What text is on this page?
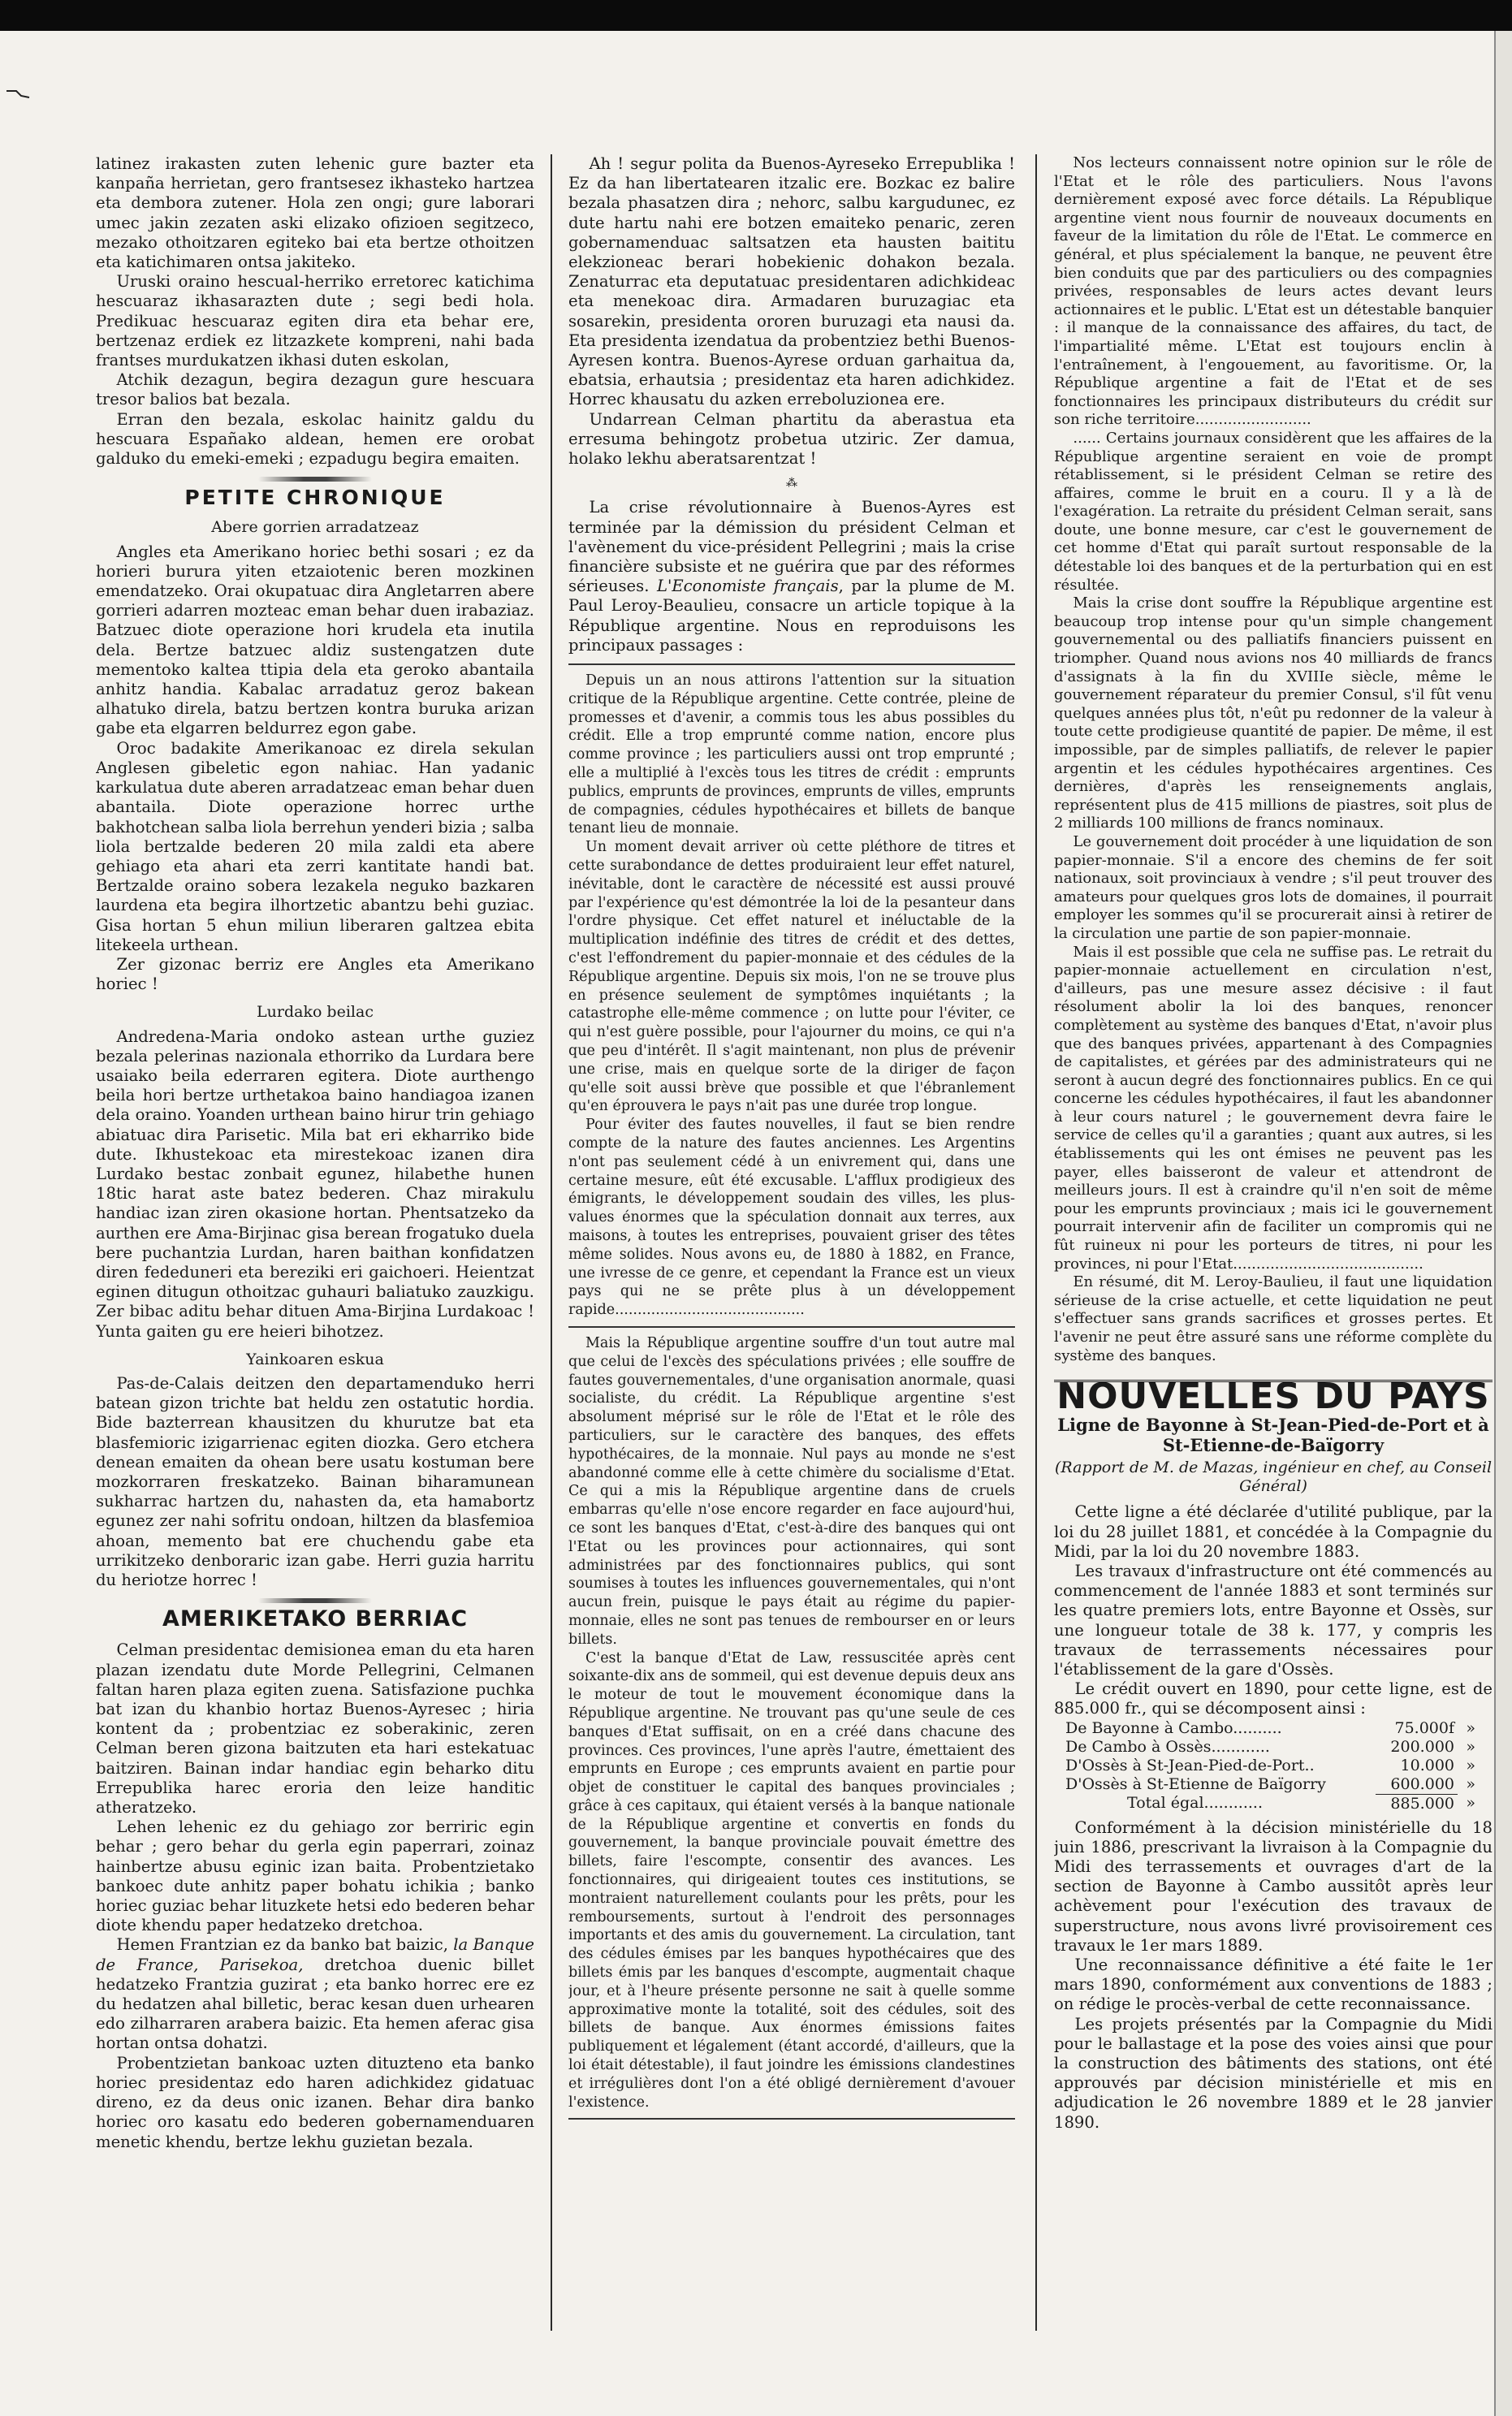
latinez irakasten zuten lehenic gure bazter eta kanpaña herrietan, gero frantsesez ikhasteko hartzea eta dembora zutener. Hola zen ongi; gure laborari umec jakin zezaten aski elizako ofizioen segitzeco, mezako othoitzaren egiteko bai eta bertze othoitzen eta katichimaren ontsa jakiteko.

Uruski oraino hescual-herriko erretorec katichima hescuaraz ikhasarazten dute ; segi bedi hola. Predikuac hescuaraz egiten dira eta behar ere, bertzenaz erdiek ez litzazkete kompreni, nahi bada frantses murdukatzen ikhasi duten eskolan,

Atchik dezagun, begira dezagun gure hescuara tresor balios bat bezala.

Erran den bezala, eskolac hainitz galdu du hescuara Españako aldean, hemen ere orobat galduko du emeki-emeki ; ezpadugu begira emaiten.

PETITE CHRONIQUE
Abere gorrien arradatzeaz

Angles eta Amerikano horiec bethi sosari ; ez da horieri burura yiten etzaiotenic beren mozkinen emendatzeko. Orai okupatuac dira Angletarren abere gorrieri adarren mozteac eman behar duen irabaziaz. Batzuec diote operazione hori krudela eta inutila dela. Bertze batzuec aldiz sustengatzen dute mementoko kaltea ttipia dela eta geroko abantaila anhitz handia. Kabalac arradatuz geroz bakean alhatuko direla, batzu bertzen kontra buruka arizan gabe eta elgarren beldurrez egon gabe.

Oroc badakite Amerikanoac ez direla sekulan Anglesen gibeletic egon nahiac. Han yadanic karkulatua dute aberen arradatzeac eman behar duen abantaila. Diote operazione horrec urthe bakhotchean salba liola berrehun yenderi bizia ; salba liola bertzalde bederen 20 mila zaldi eta abere gehiago eta ahari eta zerri kantitate handi bat. Bertzalde oraino sobera lezakela neguko bazkaren laurdena eta begira ilhortzetic abantzu behi guziac. Gisa hortan 5 ehun miliun liberaren galtzea ebita litekeela urthean.

Zer gizonac berriz ere Angles eta Amerikano horiec !

Lurdako beilac

Andredena-Maria ondoko astean urthe guziez bezala pelerinas nazionala ethorriko da Lurdara bere usaiako beila ederraren egitera. Diote aurthengo beila hori bertze urthetakoa baino handiagoa izanen dela oraino. Yoanden urthean baino hirur trin gehiago abiatuac dira Parisetic. Mila bat eri ekharriko bide dute. Ikhustekoac eta mirestekoac izanen dira Lurdako bestac zonbait egunez, hilabethe hunen 18tic harat aste batez bederen. Chaz mirakulu handiac izan ziren okasione hortan. Phentsatzeko da aurthen ere Ama-Birjinac gisa berean frogatuko duela bere puchantzia Lurdan, haren baithan konfidatzen diren fededuneri eta bereziki eri gaichoeri. Heientzat eginen ditugun othoitzac guhauri baliatuko zauzkigu. Zer bibac aditu behar dituen Ama-Birjina Lurdakoac ! Yunta gaiten gu ere heieri bihotzez.

Yainkoaren eskua

Pas-de-Calais deitzen den departamenduko herri batean gizon trichte bat heldu zen ostatutic hordia. Bide bazterrean khausitzen du khurutze bat eta blasfemioric izigarrienac egiten diozka. Gero etchera denean emaiten da ohean bere usatu kostuman bere mozkorraren freskatzeko. Bainan biharamunean sukharrac hartzen du, nahasten da, eta hamabortz egunez zer nahi sofritu ondoan, hiltzen da blasfemioa ahoan, memento bat ere chuchendu gabe eta urrikitzeko denboraric izan gabe. Herri guzia harritu du heriotze horrec !

AMERIKETAKO BERRIAC

Celman presidentac demisionea eman du eta haren plazan izendatu dute Morde Pellegrini, Celmanen faltan haren plaza egiten zuena. Satisfazione puchka bat izan du khanbio hortaz Buenos-Ayresec ; hiria kontent da ; probentziac ez soberakinic, zeren Celman beren gizona baitzuten eta hari estekatuac baitziren. Bainan indar handiac egin beharko ditu Errepublika harec eroria den leize handitic atheratzeko.

Lehen lehenic ez du gehiago zor berriric egin behar ; gero behar du gerla egin paperrari, zoinaz hainbertze abusu eginic izan baita. Probentzietako bankoec dute anhitz paper bohatu ichikia ; banko horiec guziac behar lituzkete hetsi edo bederen behar diote khendu paper hedatzeko dretchoa.

Hemen Frantzian ez da banko bat baizic, la Banque de France, Parisekoa, dretchoa duenic billet hedatzeko Frantzia guzirat ; eta banko horrec ere ez du hedatzen ahal billetic, berac kesan duen urhearen edo zilharraren arabera baizic. Eta hemen aferac gisa hortan ontsa dohatzi.

Probentzietan bankoac uzten dituzteno eta banko horiec presidentaz edo haren adichkidez gidatuac direno, ez da deus onic izanen. Behar dira banko horiec oro kasatu edo bederen gobernamenduaren menetic khendu, bertze lekhu guzietan bezala.

Ah ! segur polita da Buenos-Ayreseko Errepublika ! Ez da han libertatearen itzalic ere. Bozkac ez balire bezala phasatzen dira ; nehorc, salbu kargudunec, ez dute hartu nahi ere botzen emaiteko penaric, zeren gobernamenduac saltsatzen eta hausten baititu elekzioneac berari hobekienic dohakon bezala. Zenaturrac eta deputatuac presidentaren adichkideac eta menekoac dira. Armadaren buruzagiac eta sosarekin, presidenta ororen buruzagi eta nausi da. Eta presidenta izendatua da probentziez bethi Buenos-Ayresen kontra. Buenos-Ayrese orduan garhaitua da, ebatsia, erhautsia ; presidentaz eta haren adichkidez. Horrec khausatu du azken erreboluzionea ere.

Undarrean Celman phartitu da aberastua eta erresuma behingotz probetua utziric. Zer damua, holako lekhu aberatsarentzat !

⁂

La crise révolutionnaire à Buenos-Ayres est terminée par la démission du président Celman et l'avènement du vice-président Pellegrini ; mais la crise financière subsiste et ne guérira que par des réformes sérieuses. L'Economiste français, par la plume de M. Paul Leroy-Beaulieu, consacre un article topique à la République argentine. Nous en reproduisons les principaux passages :

Depuis un an nous attirons l'attention sur la situation critique de la République argentine. Cette contrée, pleine de promesses et d'avenir, a commis tous les abus possibles du crédit. Elle a trop emprunté comme nation, encore plus comme province ; les particuliers aussi ont trop emprunté ; elle a multiplié à l'excès tous les titres de crédit : emprunts publics, emprunts de provinces, emprunts de villes, emprunts de compagnies, cédules hypothécaires et billets de banque tenant lieu de monnaie.

Un moment devait arriver où cette pléthore de titres et cette surabondance de dettes produiraient leur effet naturel, inévitable, dont le caractère de nécessité est aussi prouvé par l'expérience qu'est démontrée la loi de la pesanteur dans l'ordre physique. Cet effet naturel et inéluctable de la multiplication indéfinie des titres de crédit et des dettes, c'est l'effondrement du papier-monnaie et des cédules de la République argentine. Depuis six mois, l'on ne se trouve plus en présence seulement de symptômes inquiétants ; la catastrophe elle-même commence ; on lutte pour l'éviter, ce qui n'est guère possible, pour l'ajourner du moins, ce qui n'a que peu d'intérêt. Il s'agit maintenant, non plus de prévenir une crise, mais en quelque sorte de la diriger de façon qu'elle soit aussi brève que possible et que l'ébranlement qu'en éprouvera le pays n'ait pas une durée trop longue.

Pour éviter des fautes nouvelles, il faut se bien rendre compte de la nature des fautes anciennes. Les Argentins n'ont pas seulement cédé à un enivrement qui, dans une certaine mesure, eût été excusable. L'afflux prodigieux des émigrants, le développement soudain des villes, les plus-values énormes que la spéculation donnait aux terres, aux maisons, à toutes les entreprises, pouvaient griser des têtes même solides. Nous avons eu, de 1880 à 1882, en France, une ivresse de ce genre, et cependant la France est un vieux pays qui ne se prête plus à un développement rapide..........................................

Mais la République argentine souffre d'un tout autre mal que celui de l'excès des spéculations privées ; elle souffre de fautes gouvernementales, d'une organisation anormale, quasi socialiste, du crédit. La République argentine s'est absolument méprisé sur le rôle de l'Etat et le rôle des particuliers, sur le caractère des banques, des effets hypothécaires, de la monnaie. Nul pays au monde ne s'est abandonné comme elle à cette chimère du socialisme d'Etat. Ce qui a mis la République argentine dans de cruels embarras qu'elle n'ose encore regarder en face aujourd'hui, ce sont les banques d'Etat, c'est-à-dire des banques qui ont l'Etat ou les provinces pour actionnaires, qui sont administrées par des fonctionnaires publics, qui sont soumises à toutes les influences gouvernementales, qui n'ont aucun frein, puisque le pays était au régime du papier-monnaie, elles ne sont pas tenues de rembourser en or leurs billets.

C'est la banque d'Etat de Law, ressuscitée après cent soixante-dix ans de sommeil, qui est devenue depuis deux ans le moteur de tout le mouvement économique dans la République argentine. Ne trouvant pas qu'une seule de ces banques d'Etat suffisait, on en a créé dans chacune des provinces. Ces provinces, l'une après l'autre, émettaient des emprunts en Europe ; ces emprunts avaient en partie pour objet de constituer le capital des banques provinciales ; grâce à ces capitaux, qui étaient versés à la banque nationale de la République argentine et convertis en fonds du gouvernement, la banque provinciale pouvait émettre des billets, faire l'escompte, consentir des avances. Les fonctionnaires, qui dirigeaient toutes ces institutions, se montraient naturellement coulants pour les prêts, pour les remboursements, surtout à l'endroit des personnages importants et des amis du gouvernement. La circulation, tant des cédules émises par les banques hypothécaires que des billets émis par les banques d'escompte, augmentait chaque jour, et à l'heure présente personne ne sait à quelle somme approximative monte la totalité, soit des cédules, soit des billets de banque. Aux énormes émissions faites publiquement et légalement (étant accordé, d'ailleurs, que la loi était détestable), il faut joindre les émissions clandestines et irrégulières dont l'on a été obligé dernièrement d'avouer l'existence.

Nos lecteurs connaissent notre opinion sur le rôle de l'Etat et le rôle des particuliers. Nous l'avons dernièrement exposé avec force détails. La République argentine vient nous fournir de nouveaux documents en faveur de la limitation du rôle de l'Etat. Le commerce en général, et plus spécialement la banque, ne peuvent être bien conduits que par des particuliers ou des compagnies privées, responsables de leurs actes devant leurs actionnaires et le public. L'Etat est un détestable banquier : il manque de la connaissance des affaires, du tact, de l'impartialité même. L'Etat est toujours enclin à l'entraînement, à l'engouement, au favoritisme. Or, la République argentine a fait de l'Etat et de ses fonctionnaires les principaux distributeurs du crédit sur son riche territoire.........................

...... Certains journaux considèrent que les affaires de la République argentine seraient en voie de prompt rétablissement, si le président Celman se retire des affaires, comme le bruit en a couru. Il y a là de l'exagération. La retraite du président Celman serait, sans doute, une bonne mesure, car c'est le gouvernement de cet homme d'Etat qui paraît surtout responsable de la détestable loi des banques et de la perturbation qui en est résultée.

Mais la crise dont souffre la République argentine est beaucoup trop intense pour qu'un simple changement gouvernemental ou des palliatifs financiers puissent en triompher. Quand nous avions nos 40 milliards de francs d'assignats à la fin du XVIIIe siècle, même le gouvernement réparateur du premier Consul, s'il fût venu quelques années plus tôt, n'eût pu redonner de la valeur à toute cette prodigieuse quantité de papier. De même, il est impossible, par de simples palliatifs, de relever le papier argentin et les cédules hypothécaires argentines. Ces dernières, d'après les renseignements anglais, représentent plus de 415 millions de piastres, soit plus de 2 milliards 100 millions de francs nominaux.

Le gouvernement doit procéder à une liquidation de son papier-monnaie. S'il a encore des chemins de fer soit nationaux, soit provinciaux à vendre ; s'il peut trouver des amateurs pour quelques gros lots de domaines, il pourrait employer les sommes qu'il se procurerait ainsi à retirer de la circulation une partie de son papier-monnaie.

Mais il est possible que cela ne suffise pas. Le retrait du papier-monnaie actuellement en circulation n'est, d'ailleurs, pas une mesure assez décisive : il faut résolument abolir la loi des banques, renoncer complètement au système des banques d'Etat, n'avoir plus que des banques privées, appartenant à des Compagnies de capitalistes, et gérées par des administrateurs qui ne seront à aucun degré des fonctionnaires publics. En ce qui concerne les cédules hypothécaires, il faut les abandonner à leur cours naturel ; le gouvernement devra faire le service de celles qu'il a garanties ; quant aux autres, si les établissements qui les ont émises ne peuvent pas les payer, elles baisseront de valeur et attendront de meilleurs jours. Il est à craindre qu'il n'en soit de même pour les emprunts provinciaux ; mais ici le gouvernement pourrait intervenir afin de faciliter un compromis qui ne fût ruineux ni pour les porteurs de titres, ni pour les provinces, ni pour l'Etat.........................................

En résumé, dit M. Leroy-Baulieu, il faut une liquidation sérieuse de la crise actuelle, et cette liquidation ne peut s'effectuer sans grands sacrifices et grosses pertes. Et l'avenir ne peut être assuré sans une réforme complète du système des banques.

NOUVELLES DU PAYS
Ligne de Bayonne à St-Jean-Pied-de-Port et à St-Etienne-de-Baïgorry
(Rapport de M. de Mazas, ingénieur en chef, au Conseil Général)

Cette ligne a été déclarée d'utilité publique, par la loi du 28 juillet 1881, et concédée à la Compagnie du Midi, par la loi du 20 novembre 1883.

Les travaux d'infrastructure ont été commencés au commencement de l'année 1883 et sont terminés sur les quatre premiers lots, entre Bayonne et Ossès, sur une longueur totale de 38 k. 177, y compris les travaux de terrassements nécessaires pour l'établissement de la gare d'Ossès.

Le crédit ouvert en 1890, pour cette ligne, est de 885.000 fr., qui se décomposent ainsi :

De Bayonne à Cambo..........	75.000f	»
De Cambo à Ossès............	200.000	»
D'Ossès à St-Jean-Pied-de-Port..	10.000	»
D'Ossès à St-Etienne de Baïgorry	600.000	»
Total égal............	885.000	»

Conformément à la décision ministérielle du 18 juin 1886, prescrivant la livraison à la Compagnie du Midi des terrassements et ouvrages d'art de la section de Bayonne à Cambo aussitôt après leur achèvement pour l'exécution des travaux de superstructure, nous avons livré provisoirement ces travaux le 1er mars 1889.

Une reconnaissance définitive a été faite le 1er mars 1890, conformément aux conventions de 1883 ; on rédige le procès-verbal de cette reconnaissance.

Les projets présentés par la Compagnie du Midi pour le ballastage et la pose des voies ainsi que pour la construction des bâtiments des stations, ont été approuvés par décision ministérielle et mis en adjudication le 26 novembre 1889 et le 28 janvier 1890.
